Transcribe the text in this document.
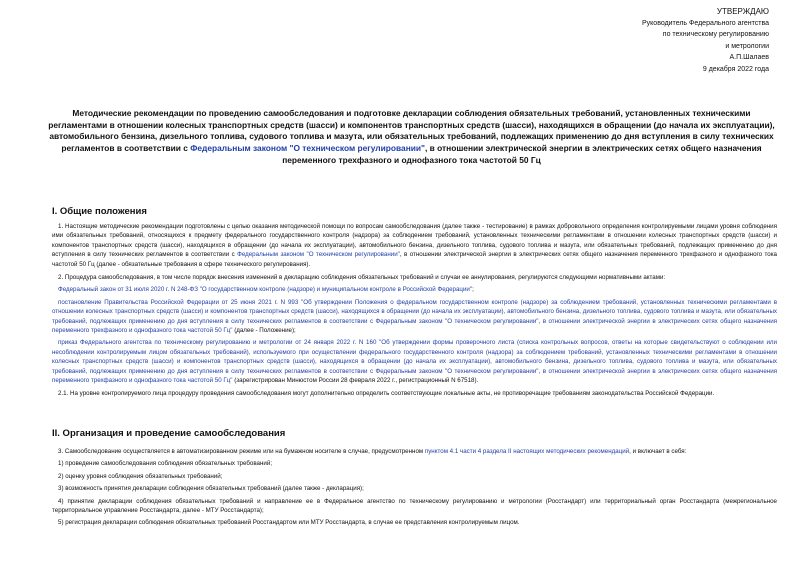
УТВЕРЖДАЮ
Руководитель Федерального агентства
по техническому регулированию
и метрологии
А.П.Шалаев
9 декабря 2022 года
Методические рекомендации по проведению самообследования и подготовке декларации соблюдения обязательных требований, установленных техническими регламентами в отношении колесных транспортных средств (шасси) и компонентов транспортных средств (шасси), находящихся в обращении (до начала их эксплуатации), автомобильного бензина, дизельного топлива, судового топлива и мазута, или обязательных требований, подлежащих применению до дня вступления в силу технических регламентов в соответствии с Федеральным законом "О техническом регулировании", в отношении электрической энергии в электрических сетях общего назначения переменного трехфазного и однофазного тока частотой 50 Гц
I. Общие положения

1. Настоящие методические рекомендации подготовлены с целью оказания методической помощи по вопросам самообследования (далее также - тестирование) в рамках добровольного определения контролируемыми лицами уровня соблюдения ими обязательных требований, относящихся к предмету федерального государственного контроля (надзора) за соблюдением требований, установленных техническими регламентами в отношении колесных транспортных средств (шасси) и компонентов транспортных средств (шасси), находящихся в обращении (до начала их эксплуатации), автомобильного бензина, дизельного топлива, судового топлива и мазута, или обязательных требований, подлежащих применению до дня вступления в силу технических регламентов в соответствии с Федеральным законом "О техническом регулировании", в отношении электрической энергии в электрических сетях общего назначения переменного трехфазного и однофазного тока частотой 50 Гц (далее - обязательные требования в сфере технического регулирования).

2. Процедура самообследования, в том числе порядок внесения изменений в декларацию соблюдения обязательных требований и случаи ее аннулирования, регулируются следующими нормативными актами:

Федеральный закон от 31 июля 2020 г. N 248-ФЗ "О государственном контроле (надзоре) и муниципальном контроле в Российской Федерации";

постановление Правительства Российской Федерации от 25 июня 2021 г. N 993 "Об утверждении Положения о федеральном государственном контроле (надзоре) за соблюдением требований, установленных техническими регламентами в отношении колесных транспортных средств (шасси) и компонентов транспортных средств (шасси), находящихся в обращении (до начала их эксплуатации), автомобильного бензина, дизельного топлива, судового топлива и мазута, или обязательных требований, подлежащих применению до дня вступления в силу технических регламентов в соответствии с Федеральным законом "О техническом регулировании", в отношении электрической энергии в электрических сетях общего назначения переменного трехфазного и однофазного тока частотой 50 Гц" (далее - Положение);

приказ Федерального агентства по техническому регулированию и метрологии от 24 января 2022 г. N 160 "Об утверждении формы проверочного листа (списка контрольных вопросов, ответы на которые свидетельствуют о соблюдении или несоблюдении контролируемым лицом обязательных требований), используемого при осуществлении федерального государственного контроля (надзора) за соблюдением требований, установленных техническими регламентами в отношении колесных транспортных средств (шасси) и компонентов транспортных средств (шасси), находящихся в обращении (до начала их эксплуатации), автомобильного бензина, дизельного топлива, судового топлива и мазута, или обязательных требований, подлежащих применению до дня вступления в силу технических регламентов в соответствии с Федеральным законом "О техническом регулировании", в отношении электрической энергии в электрических сетях общего назначения переменного трехфазного и однофазного тока частотой 50 Гц" (зарегистрирован Минюстом России 28 февраля 2022 г., регистрационный N 67518).

2.1. На уровне контролируемого лица процедуру проведения самообследования могут дополнительно определить соответствующие локальные акты, не противоречащие требованиям законодательства Российской Федерации.

II. Организация и проведение самообследования

3. Самообследование осуществляется в автоматизированном режиме или на бумажном носителе в случае, предусмотренном пунктом 4.1 части 4 раздела II настоящих методических рекомендаций, и включает в себя:

1) проведение самообследования соблюдения обязательных требований;

2) оценку уровня соблюдения обязательных требований;

3) возможность принятия декларации соблюдения обязательных требований (далее также - декларация);

4) принятие декларации соблюдения обязательных требований и направление ее в Федеральное агентство по техническому регулированию и метрологии (Росстандарт) или территориальный орган Росстандарта (межрегиональное территориальное управление Росстандарта, далее - МТУ Росстандарта);

5) регистрация декларации соблюдения обязательных требований Росстандартом или МТУ Росстандарта, в случае ее представления контролируемым лицом.
